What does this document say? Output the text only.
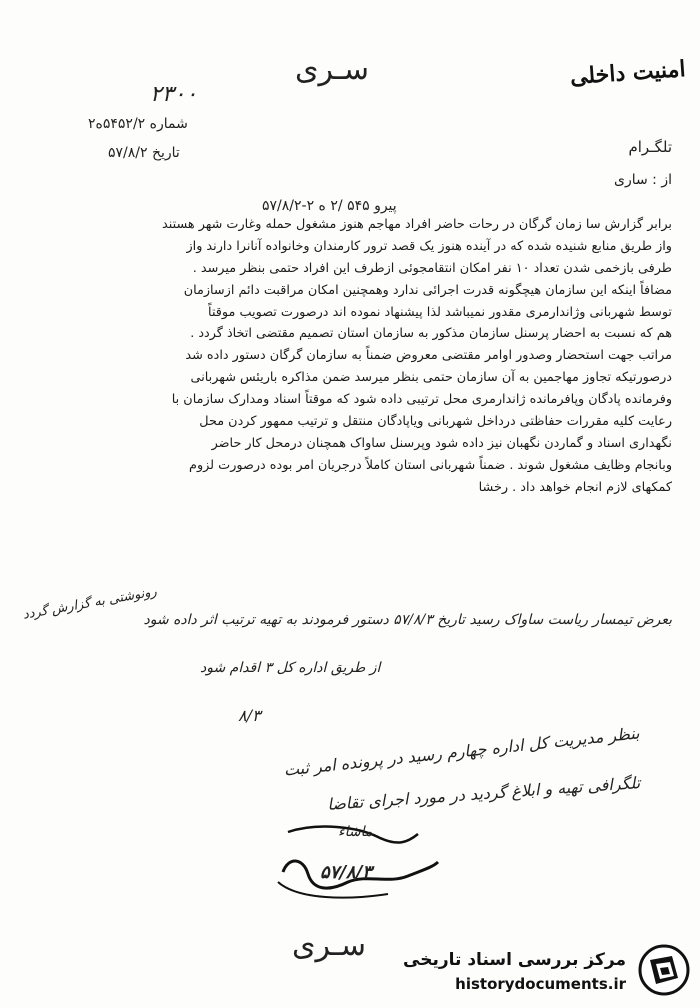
سـری	امنیت داخلی
۲۳۰۰
شماره ۵۴۵۲/۲ه۲
تاریخ ۵۷/۸/۲	تلگـرام
از : ساری
پیرو ۵۴۵ /۲ ه ۲-۵۷/۸/۲
برابر گزارش سا زمان گرگان در رحات حاضر افراد مهاجم هنوز مشغول حمله وغارت شهر هستند
واز طریق منابع شنیده شده که در آینده هنوز یک قصد ترور کارمندان وخانواده آنانرا دارند واز
طرفی بازخمی شدن تعداد ۱۰ نفر امکان انتقامجوئی ازطرف این افراد حتمی بنظر میرسد .
مضافاً اینکه این سازمان هیچگونه قدرت اجرائی ندارد وهمچنین امکان مراقبت دائم ازسازمان
توسط شهربانی وژاندارمری مقدور نمیباشد لذا پیشنهاد نموده اند درصورت تصویب موقتاً
هم که نسبت به احضار پرسنل سازمان مذکور به سازمان استان تصمیم مقتضی اتخاذ گردد .
مراتب جهت استحضار وصدور اوامر مقتضی معروض ضمناً به سازمان گرگان دستور داده شد
درصورتیکه تجاوز مهاجمین به آن سازمان حتمی بنظر میرسد ضمن مذاکره باریئس شهربانی
وفرمانده پادگان وپافرمانده ژاندارمری محل ترتیبی داده شود که موقتاً اسناد ومدارک سازمان با
رعایت کلیه مقررات حفاظتی درداخل شهربانی ویاپادگان منتقل و ترتیب ممهور کردن محل
نگهداری اسناد و گماردن نگهبان نیز داده شود وپرسنل ساواک همچنان درمحل کار حاضر
وبانجام وظایف مشغول شوند . ضمناً شهربانی استان کاملاً درجریان امر بوده درصورت لزوم
کمکهای لازم انجام خواهد داد . رخشا
بعرض تیمسار ریاست ساواک رسید تاریخ ۵۷/۸/۳ دستور فرمودند به تهیه ترتیب اثر داده شود
رونوشتی به گزارش گردد
از طریق اداره کل ۳ اقدام شود
۸/۳
بنظر مدیریت کل اداره چهارم رسید در پرونده امر ثبت
تلگرافی تهیه و ابلاغ گردید در مورد اجرای تقاضا
ماشاء
۵۷/۸/۳
سـری مرکز بررسی اسناد تاریخی
historydocuments.ir
